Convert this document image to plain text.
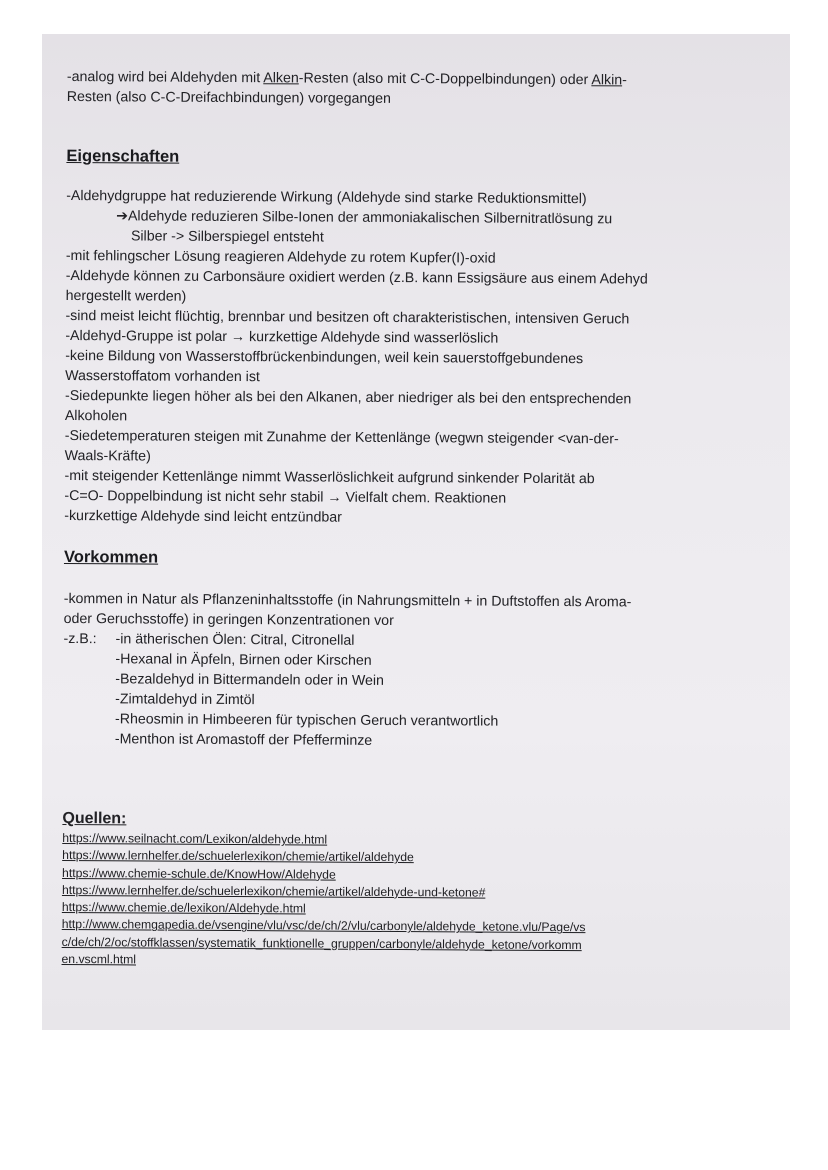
-analog wird bei Aldehyden mit Alken-Resten (also mit C-C-Doppelbindungen) oder Alkin-

Resten (also C-C-Dreifachbindungen) vorgegangen

Eigenschaften

-Aldehydgruppe hat reduzierende Wirkung (Aldehyde sind starke Reduktionsmittel)

➔Aldehyde reduzieren Silbe-Ionen der ammoniakalischen Silbernitratlösung zu

Silber -> Silberspiegel entsteht

-mit fehlingscher Lösung reagieren Aldehyde zu rotem Kupfer(I)-oxid

-Aldehyde können zu Carbonsäure oxidiert werden (z.B. kann Essigsäure aus einem Adehyd

hergestellt werden)

-sind meist leicht flüchtig, brennbar und besitzen oft charakteristischen, intensiven Geruch

-Aldehyd-Gruppe ist polar → kurzkettige Aldehyde sind wasserlöslich

-keine Bildung von Wasserstoffbrückenbindungen, weil kein sauerstoffgebundenes

Wasserstoffatom vorhanden ist

-Siedepunkte liegen höher als bei den Alkanen, aber niedriger als bei den entsprechenden

Alkoholen

-Siedetemperaturen steigen mit Zunahme der Kettenlänge (wegwn steigender <van-der-

Waals-Kräfte)

-mit steigender Kettenlänge nimmt Wasserlöslichkeit aufgrund sinkender Polarität ab

-C=O- Doppelbindung ist nicht sehr stabil → Vielfalt chem. Reaktionen

-kurzkettige Aldehyde sind leicht entzündbar

Vorkommen

-kommen in Natur als Pflanzeninhaltsstoffe (in Nahrungsmitteln + in Duftstoffen als Aroma-

oder Geruchsstoffe) in geringen Konzentrationen vor

-z.B.:	-in ätherischen Ölen: Citral, Citronellal

-Hexanal in Äpfeln, Birnen oder Kirschen

-Bezaldehyd in Bittermandeln oder in Wein

-Zimtaldehyd in Zimtöl

-Rheosmin in Himbeeren für typischen Geruch verantwortlich

-Menthon ist Aromastoff der Pfefferminze

Quellen:

https://www.seilnacht.com/Lexikon/aldehyde.html

https://www.lernhelfer.de/schuelerlexikon/chemie/artikel/aldehyde

https://www.chemie-schule.de/KnowHow/Aldehyde

https://www.lernhelfer.de/schuelerlexikon/chemie/artikel/aldehyde-und-ketone#

https://www.chemie.de/lexikon/Aldehyde.html

http://www.chemgapedia.de/vsengine/vlu/vsc/de/ch/2/vlu/carbonyle/aldehyde_ketone.vlu/Page/vs

c/de/ch/2/oc/stoffklassen/systematik_funktionelle_gruppen/carbonyle/aldehyde_ketone/vorkomm

en.vscml.html
